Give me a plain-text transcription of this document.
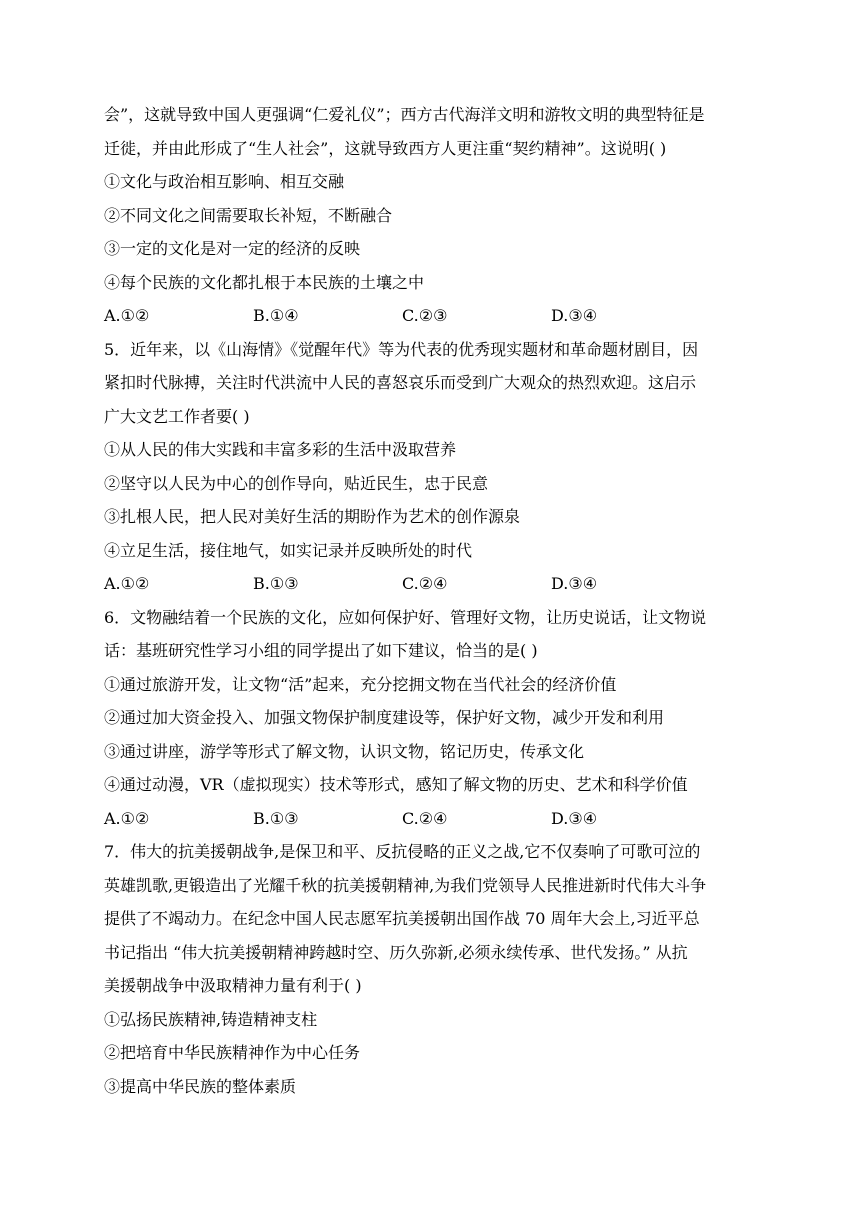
会”，这就导致中国人更强调“仁爱礼仪”；西方古代海洋文明和游牧文明的典型特征是
迁徙，并由此形成了“生人社会”，这就导致西方人更注重“契约精神”。这说明( )
①文化与政治相互影响、相互交融
②不同文化之间需要取长补短，不断融合
③一定的文化是对一定的经济的反映
④每个民族的文化都扎根于本民族的土壤之中
A.①②	B.①④	C.②③	D.③④
5．近年来，以《山海情》《觉醒年代》等为代表的优秀现实题材和革命题材剧目，因
紧扣时代脉搏，关注时代洪流中人民的喜怒哀乐而受到广大观众的热烈欢迎。这启示
广大文艺工作者要( )
①从人民的伟大实践和丰富多彩的生活中汲取营养
②坚守以人民为中心的创作导向，贴近民生，忠于民意
③扎根人民，把人民对美好生活的期盼作为艺术的创作源泉
④立足生活，接住地气，如实记录并反映所处的时代
A.①②	B.①③	C.②④	D.③④
6．文物融结着一个民族的文化，应如何保护好、管理好文物，让历史说话，让文物说
话：基班研究性学习小组的同学提出了如下建议，恰当的是( )
①通过旅游开发，让文物“活”起来，充分挖拥文物在当代社会的经济价值
②通过加大资金投入、加强文物保护制度建设等，保护好文物，减少开发和利用
③通过讲座，游学等形式了解文物，认识文物，铭记历史，传承文化
④通过动漫，VR（虚拟现实）技术等形式，感知了解文物的历史、艺术和科学价值
A.①②	B.①③	C.②④	D.③④
7．伟大的抗美援朝战争,是保卫和平、反抗侵略的正义之战,它不仅奏响了可歌可泣的
英雄凯歌,更锻造出了光耀千秋的抗美援朝精神,为我们党领导人民推进新时代伟大斗争
提供了不竭动力。在纪念中国人民志愿军抗美援朝出国作战 70 周年大会上,习近平总
书记指出 “伟大抗美援朝精神跨越时空、历久弥新,必须永续传承、世代发扬。” 从抗
美援朝战争中汲取精神力量有利于( )
①弘扬民族精神,铸造精神支柱
②把培育中华民族精神作为中心任务
③提高中华民族的整体素质
